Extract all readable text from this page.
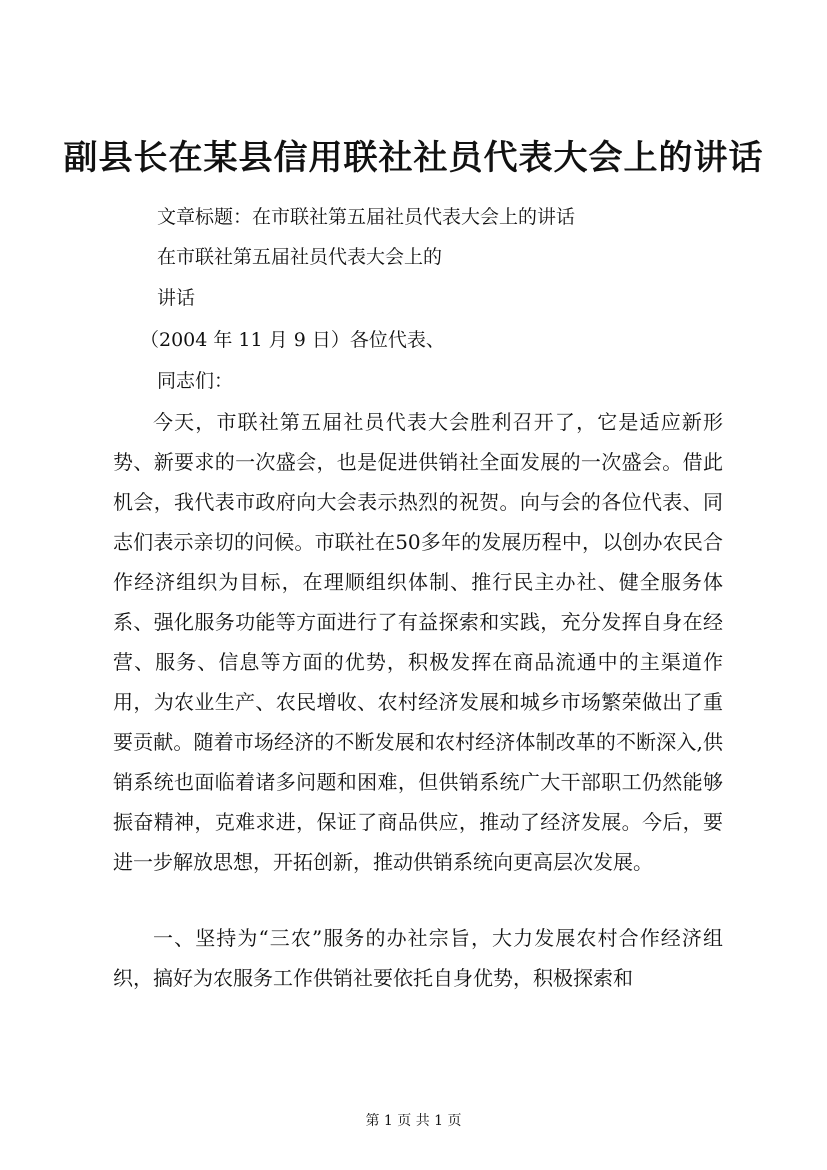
副县长在某县信用联社社员代表大会上的讲话
文章标题：在市联社第五届社员代表大会上的讲话
在市联社第五届社员代表大会上的
讲话
（2004 年 11 月 9 日）各位代表、
同志们：

今天，市联社第五届社员代表大会胜利召开了，它是适应新形势、新要求的一次盛会，也是促进供销社全面发展的一次盛会。借此机会，我代表市政府向大会表示热烈的祝贺。向与会的各位代表、同志们表示亲切的问候。市联社在50多年的发展历程中，以创办农民合作经济组织为目标，在理顺组织体制、推行民主办社、健全服务体系、强化服务功能等方面进行了有益探索和实践，充分发挥自身在经营、服务、信息等方面的优势，积极发挥在商品流通中的主渠道作用，为农业生产、农民增收、农村经济发展和城乡市场繁荣做出了重要贡献。随着市场经济的不断发展和农村经济体制改革的不断深入,供销系统也面临着诸多问题和困难，但供销系统广大干部职工仍然能够振奋精神，克难求进，保证了商品供应，推动了经济发展。今后，要进一步解放思想，开拓创新，推动供销系统向更高层次发展。

一、坚持为“三农”服务的办社宗旨，大力发展农村合作经济组织，搞好为农服务工作供销社要依托自身优势，积极探索和

第 1 页 共 1 页
